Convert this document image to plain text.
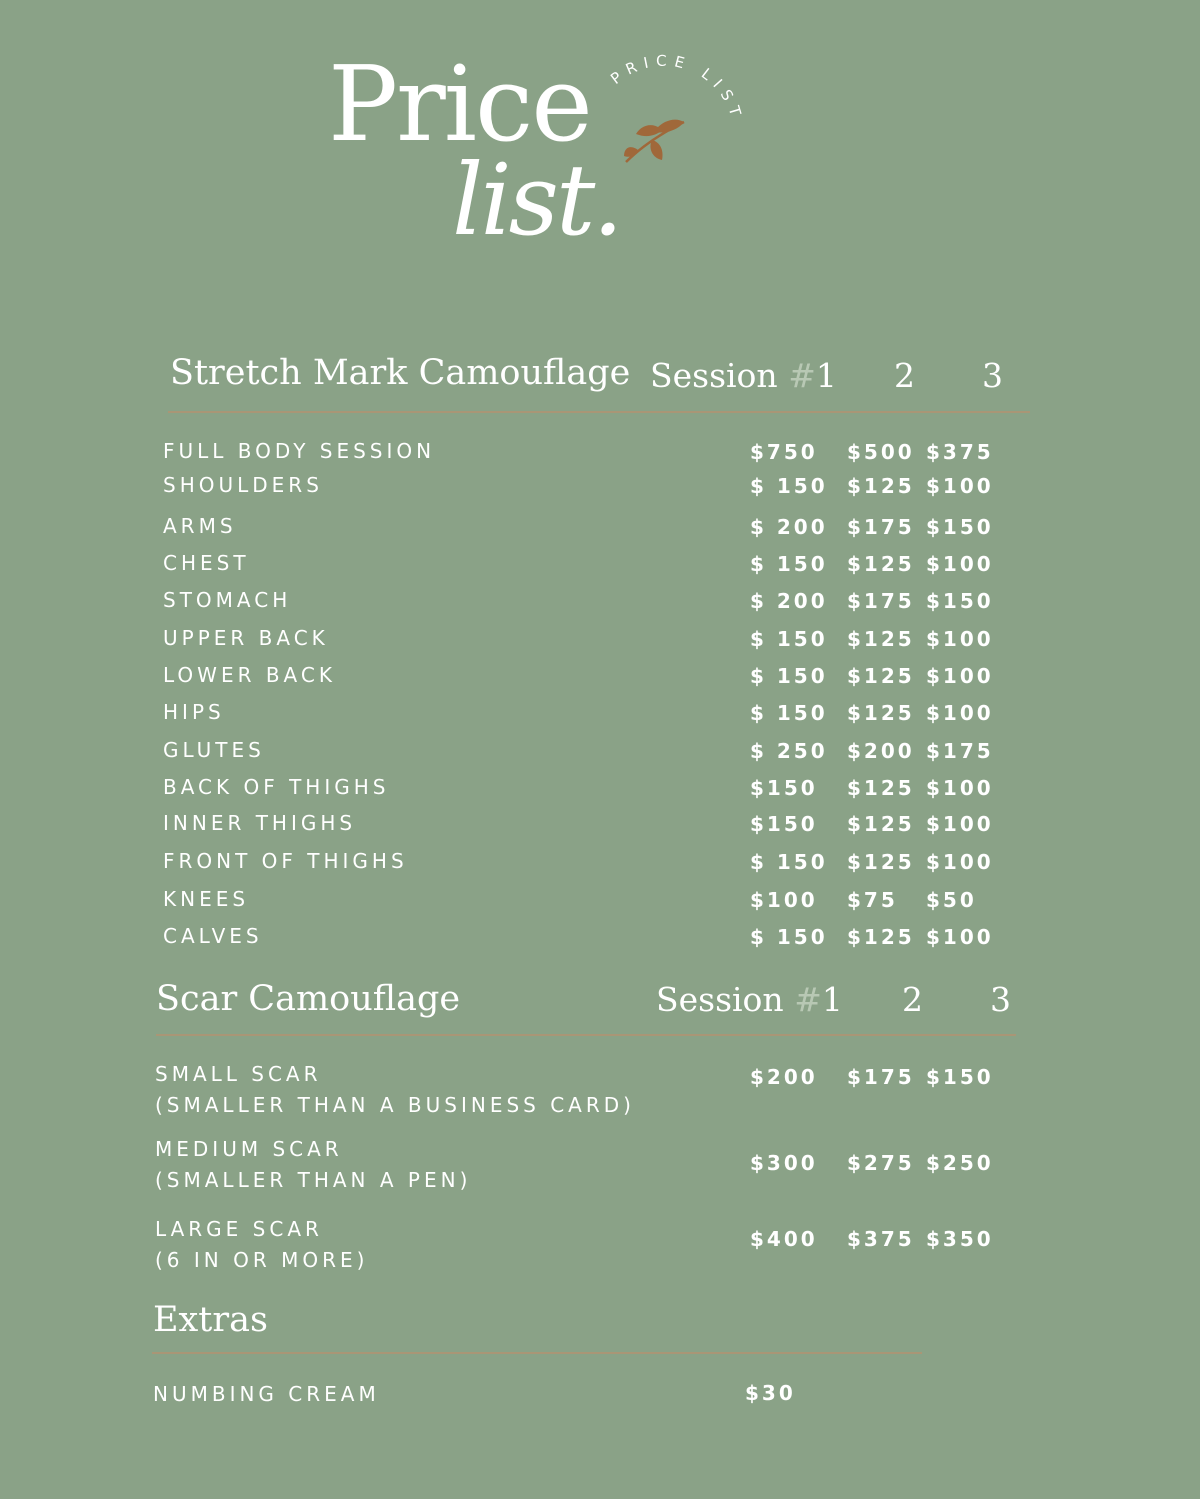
Price
list.
PRICE LIST
Stretch Mark Camouflage Session #1 2 3
FULL BODY SESSION	$750 $500 $375
SHOULDERS	$ 150 $125 $100
ARMS	$ 200 $175 $150
CHEST	$ 150 $125 $100
STOMACH	$ 200 $175 $150
UPPER BACK	$ 150 $125 $100
LOWER BACK	$ 150 $125 $100
HIPS	$ 150 $125 $100
GLUTES	$ 250 $200 $175
BACK OF THIGHS	$150 $125 $100
INNER THIGHS	$150 $125 $100
FRONT OF THIGHS	$ 150 $125 $100
KNEES	$100 $75 $50
CALVES	$ 150 $125 $100
Scar Camouflage	Session #1 2 3
SMALL SCAR
(SMALLER THAN A BUSINESS CARD)
$200 $175 $150
MEDIUM SCAR
(SMALLER THAN A PEN)
$300 $275 $250
LARGE SCAR
(6 IN OR MORE)
$400 $375 $350
Extras
NUMBING CREAM	$30
